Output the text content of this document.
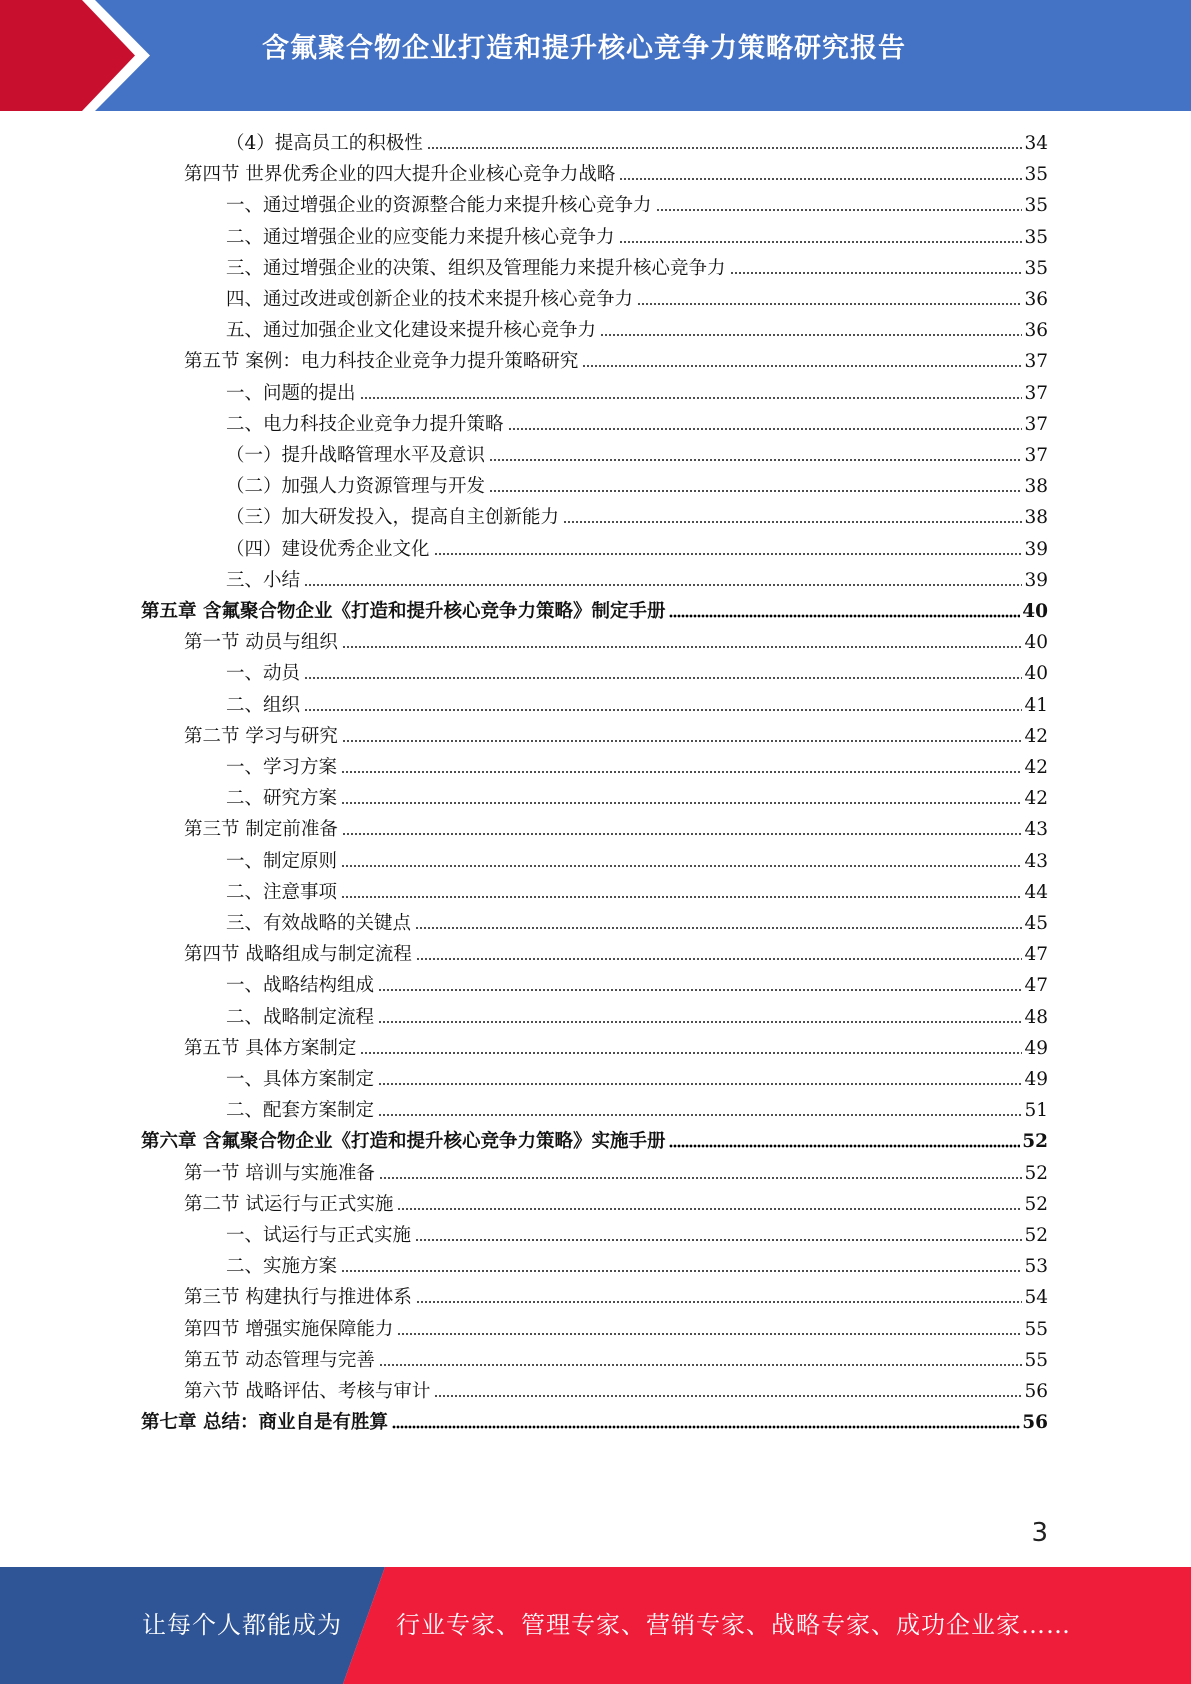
含氟聚合物企业打造和提升核心竞争力策略研究报告
（4）提高员工的积极性	34
第四节 世界优秀企业的四大提升企业核心竞争力战略	35
一、通过增强企业的资源整合能力来提升核心竞争力	35
二、通过增强企业的应变能力来提升核心竞争力	35
三、通过增强企业的决策、组织及管理能力来提升核心竞争力	35
四、通过改进或创新企业的技术来提升核心竞争力	36
五、通过加强企业文化建设来提升核心竞争力	36
第五节 案例：电力科技企业竞争力提升策略研究	37
一、问题的提出	37
二、电力科技企业竞争力提升策略	37
（一）提升战略管理水平及意识	37
（二）加强人力资源管理与开发	38
（三）加大研发投入，提高自主创新能力	38
（四）建设优秀企业文化	39
三、小结	39
第五章 含氟聚合物企业《打造和提升核心竞争力策略》制定手册	40
第一节 动员与组织	40
一、动员	40
二、组织	41
第二节 学习与研究	42
一、学习方案	42
二、研究方案	42
第三节 制定前准备	43
一、制定原则	43
二、注意事项	44
三、有效战略的关键点	45
第四节 战略组成与制定流程	47
一、战略结构组成	47
二、战略制定流程	48
第五节 具体方案制定	49
一、具体方案制定	49
二、配套方案制定	51
第六章 含氟聚合物企业《打造和提升核心竞争力策略》实施手册	52
第一节 培训与实施准备	52
第二节 试运行与正式实施	52
一、试运行与正式实施	52
二、实施方案	53
第三节 构建执行与推进体系	54
第四节 增强实施保障能力	55
第五节 动态管理与完善	55
第六节 战略评估、考核与审计	56
第七章 总结：商业自是有胜算	56
3
让每个人都能成为 行业专家、管理专家、营销专家、战略专家、成功企业家……
